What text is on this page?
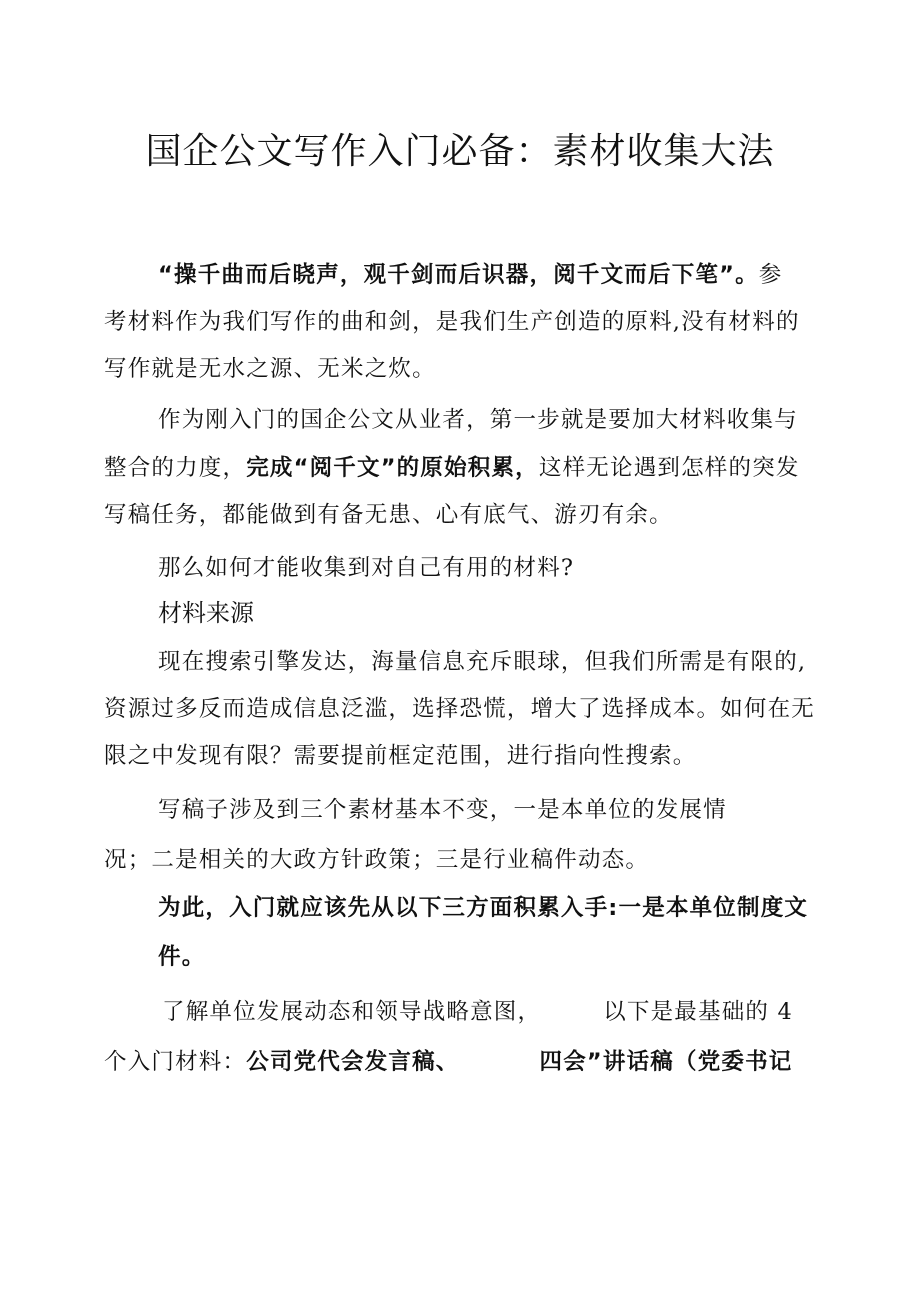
国企公文写作入门必备：素材收集大法
“操千曲而后晓声，观千剑而后识器，阅千文而后下笔”。参
考材料作为我们写作的曲和剑，是我们生产创造的原料,没有材料的
写作就是无水之源、无米之炊。
作为刚入门的国企公文从业者，第一步就是要加大材料收集与
整合的力度，完成“阅千文”的原始积累，这样无论遇到怎样的突发
写稿任务，都能做到有备无患、心有底气、游刃有余。
那么如何才能收集到对自己有用的材料?
材料来源
现在搜索引擎发达，海量信息充斥眼球，但我们所需是有限的,
资源过多反而造成信息泛滥，选择恐慌，增大了选择成本。如何在无
限之中发现有限？需要提前框定范围，进行指向性搜索。
写稿子涉及到三个素材基本不变，一是本单位的发展情
况；二是相关的大政方针政策；三是行业稿件动态。
为此，入门就应该先从以下三方面积累入手:一是本单位制度文
件。
了解单位发展动态和领导战略意图，	以下是最基础的 4
个入门材料：公司党代会发言稿、	四会”讲话稿（党委书记
